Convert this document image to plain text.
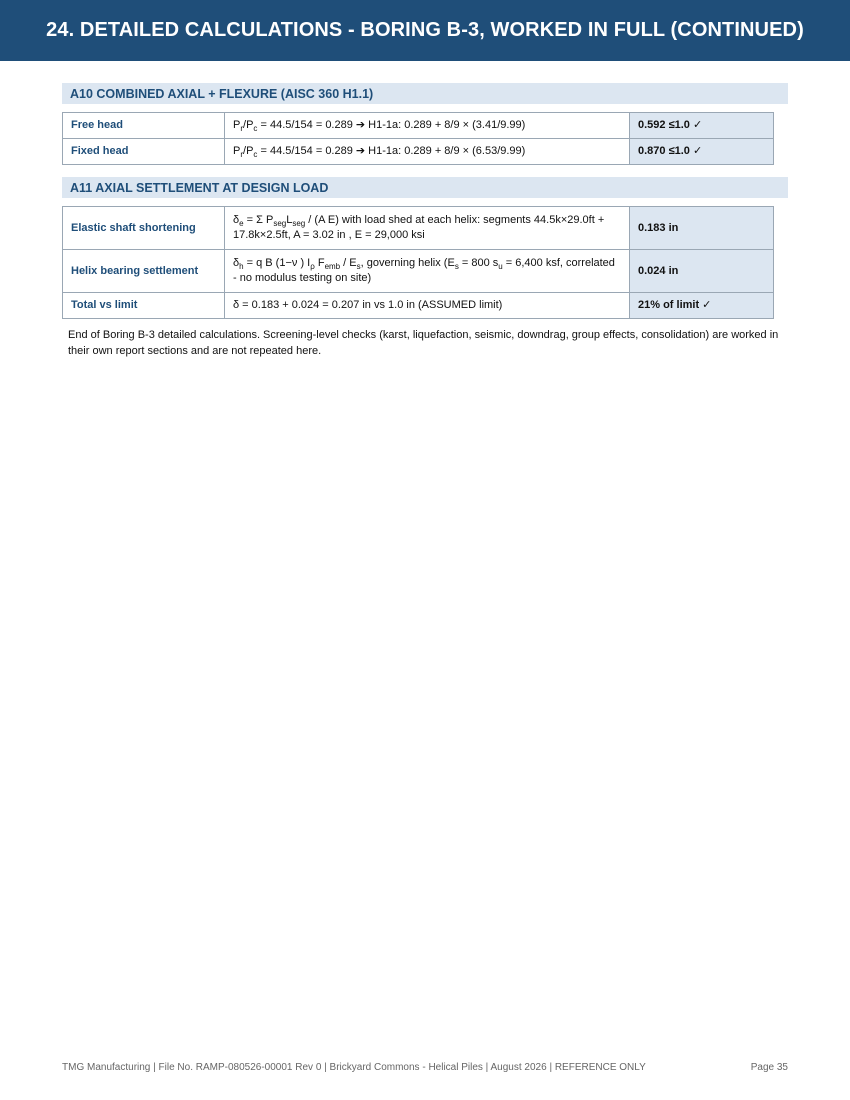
24. DETAILED CALCULATIONS - BORING B-3, WORKED IN FULL (CONTINUED)
A10 COMBINED AXIAL + FLEXURE (AISC 360 H1.1)
Free head	$P_r/P_c = 44.5/154 = 0.289$ ➔ H1-1a: 0.289 + 8/9 × (3.41/9.99)	0.592 ≤1.0 ✓
Fixed head	$P_r/P_c = 44.5/154 = 0.289$ ➔ H1-1a: 0.289 + 8/9 × (6.53/9.99)	0.870 ≤1.0 ✓
A11 AXIAL SETTLEMENT AT DESIGN LOAD
Elastic shaft shortening	$\delta_e = \Sigma$ $P_{seg}L_{seg} / (A$ E) with load shed at each helix: segments 44.5k×29.0ft + 17.8k×2.5ft, A = 3.02 in , E = 29,000 ksi	0.183 in
Helix bearing settlement	$\delta_h = q$ B (1−ν ) $I_\rho$ $F_{emb} / E_s$, governing helix ($E_s = 800$ $s_u = 6,400$ ksf, correlated - no modulus testing on site)	0.024 in
Total vs limit	δ = 0.183 + 0.024 = 0.207 in vs 1.0 in (ASSUMED limit)	21% of limit ✓
End of Boring B-3 detailed calculations. Screening-level checks (karst, liquefaction, seismic, downdrag, group effects, consolidation) are worked in their own report sections and are not repeated here.
TMG Manufacturing | File No. RAMP-080526-00001 Rev 0 | Brickyard Commons - Helical Piles | August 2026 | REFERENCE ONLY	Page 35
